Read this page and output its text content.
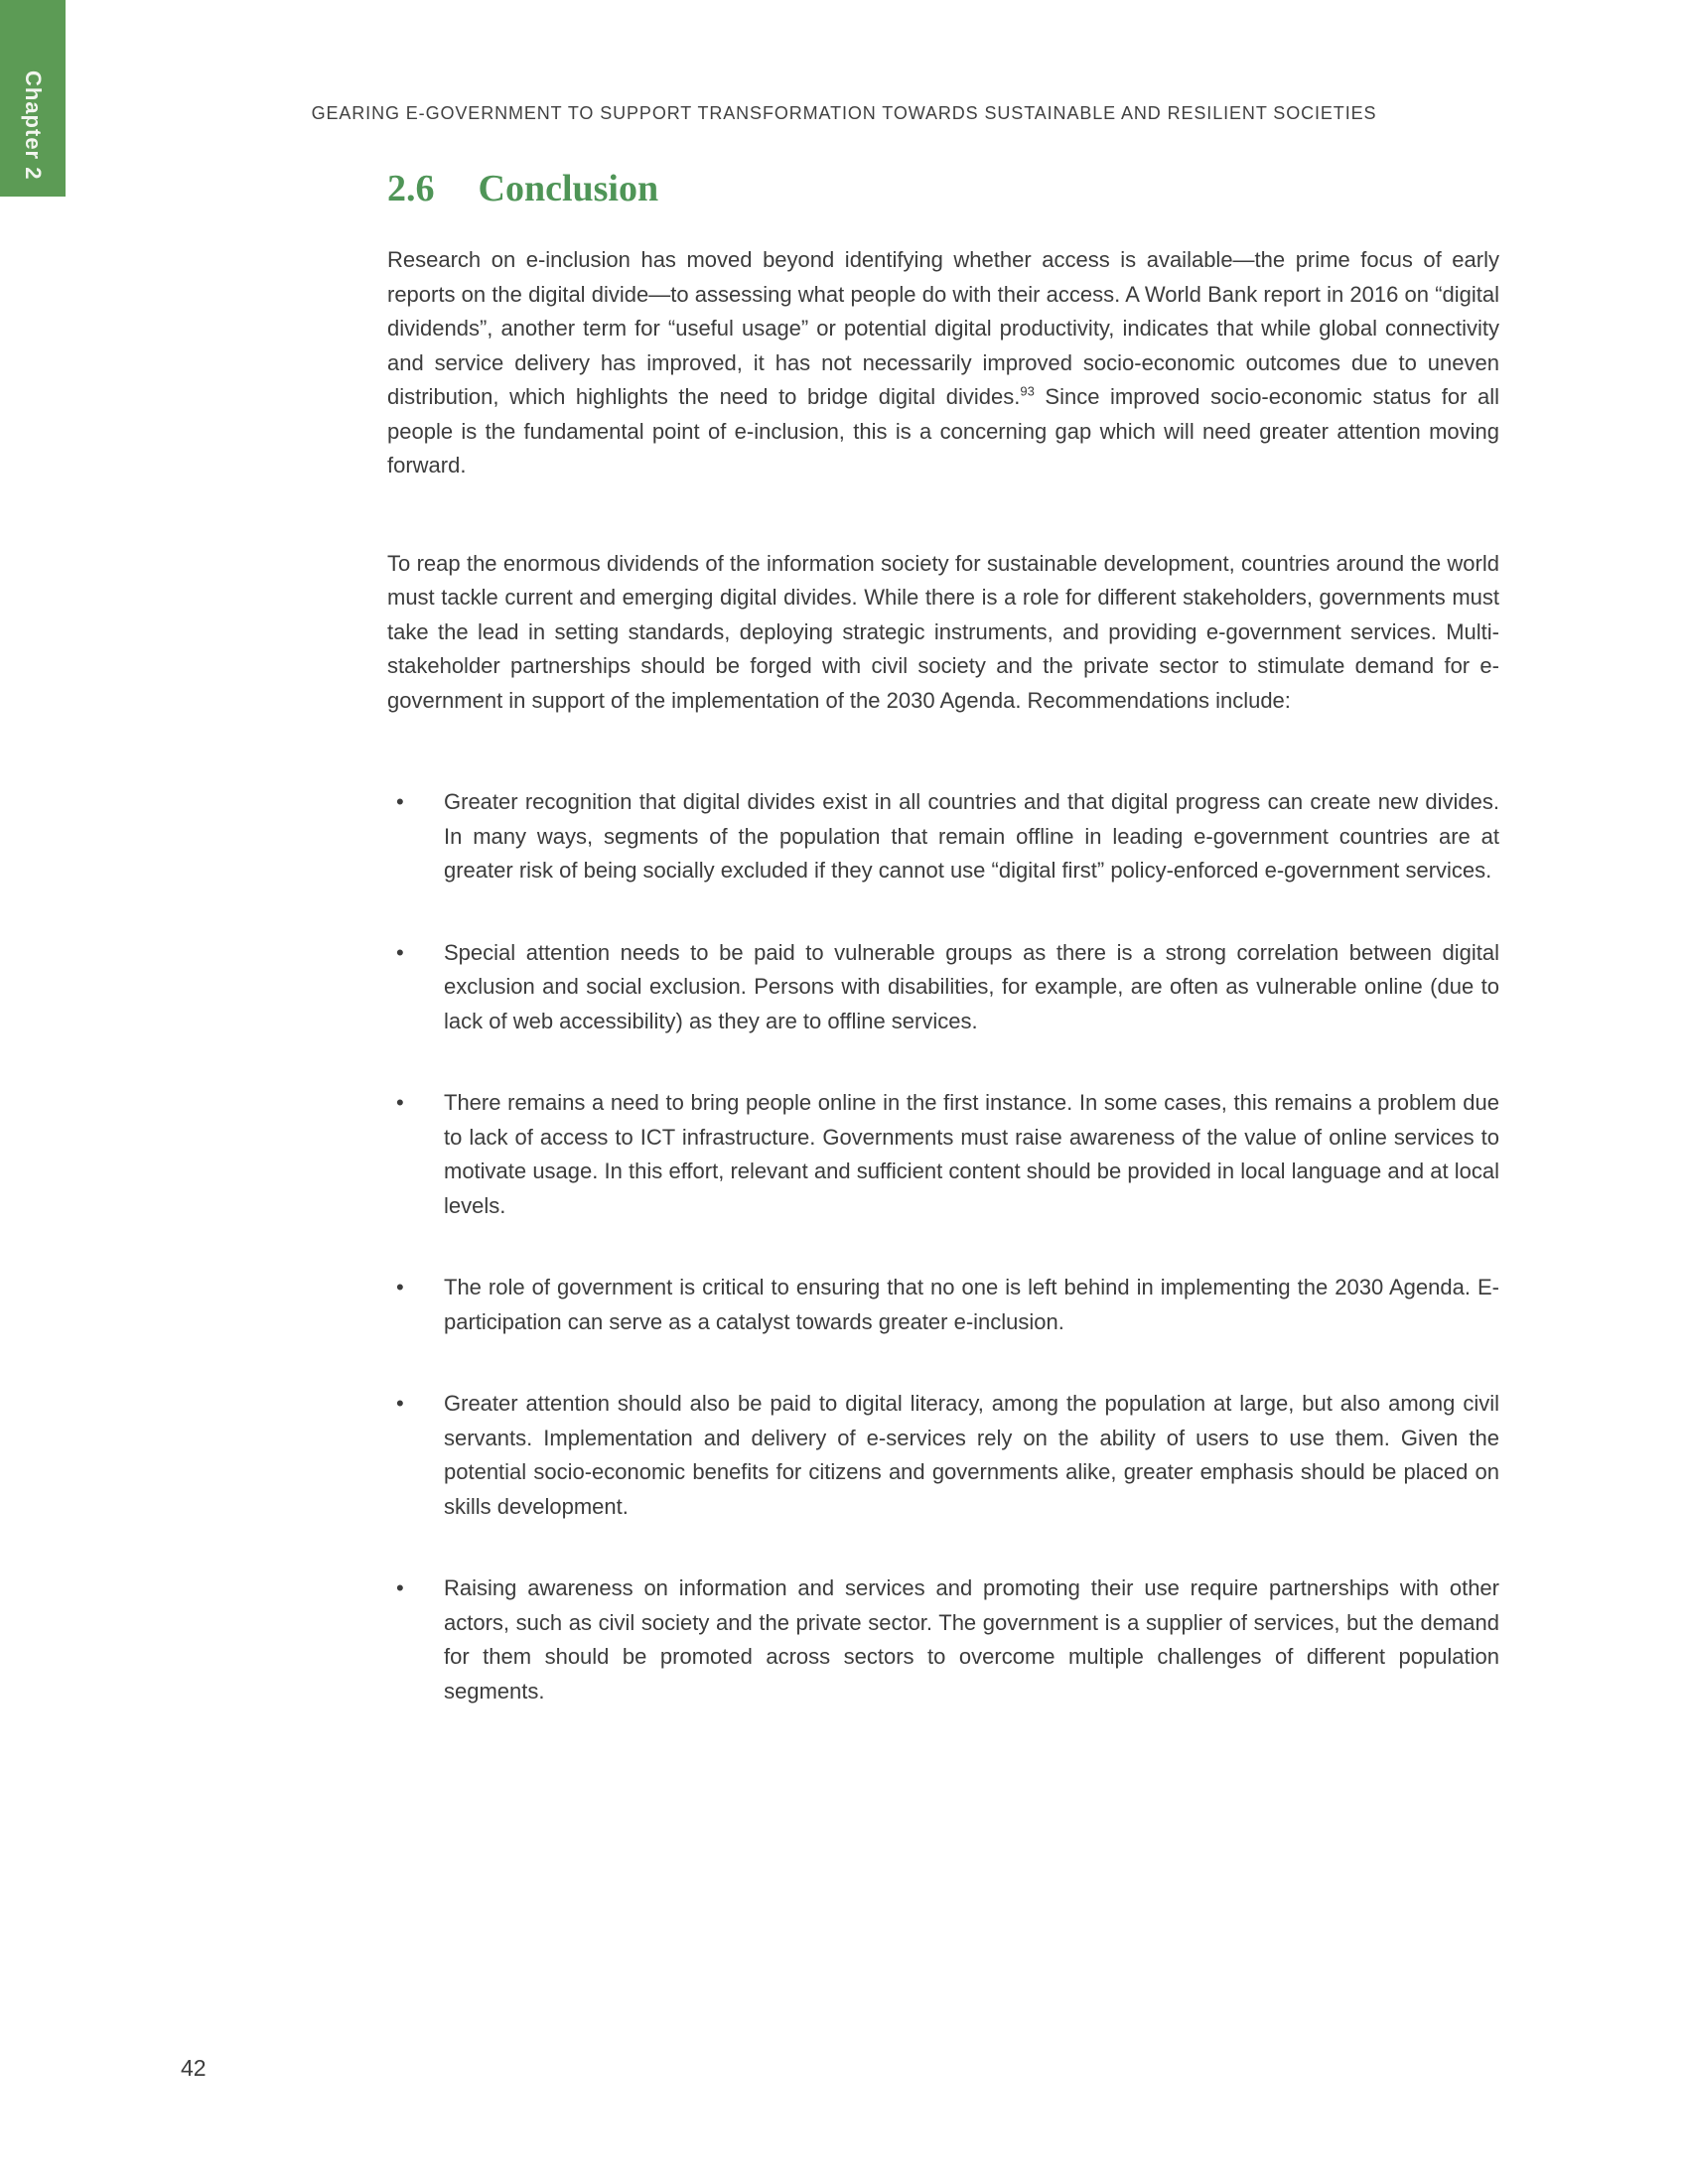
Chapter 2	GEARING E-GOVERNMENT TO SUPPORT TRANSFORMATION TOWARDS SUSTAINABLE AND RESILIENT SOCIETIES
2.6 Conclusion

Research on e-inclusion has moved beyond identifying whether access is available—the prime focus of early reports on the digital divide—to assessing what people do with their access. A World Bank report in 2016 on “digital dividends”, another term for “useful usage” or potential digital productivity, indicates that while global connectivity and service delivery has improved, it has not necessarily improved socio-economic outcomes due to uneven distribution, which highlights the need to bridge digital divides.$^{93}$ Since improved socio-economic status for all people is the fundamental point of e-inclusion, this is a concerning gap which will need greater attention moving forward.

To reap the enormous dividends of the information society for sustainable development, countries around the world must tackle current and emerging digital divides. While there is a role for different stakeholders, governments must take the lead in setting standards, deploying strategic instruments, and providing e-government services. Multi-stakeholder partnerships should be forged with civil society and the private sector to stimulate demand for e-government in support of the implementation of the 2030 Agenda. Recommendations include:

•	Greater recognition that digital divides exist in all countries and that digital progress can create new divides. In many ways, segments of the population that remain offline in leading e-government countries are at greater risk of being socially excluded if they cannot use “digital first” policy-enforced e-government services.
•	Special attention needs to be paid to vulnerable groups as there is a strong correlation between digital exclusion and social exclusion. Persons with disabilities, for example, are often as vulnerable online (due to lack of web accessibility) as they are to offline services.
•	There remains a need to bring people online in the first instance. In some cases, this remains a problem due to lack of access to ICT infrastructure. Governments must raise awareness of the value of online services to motivate usage. In this effort, relevant and sufficient content should be provided in local language and at local levels.
•	The role of government is critical to ensuring that no one is left behind in implementing the 2030 Agenda. E-participation can serve as a catalyst towards greater e-inclusion.
•	Greater attention should also be paid to digital literacy, among the population at large, but also among civil servants. Implementation and delivery of e-services rely on the ability of users to use them. Given the potential socio-economic benefits for citizens and governments alike, greater emphasis should be placed on skills development.
•	Raising awareness on information and services and promoting their use require partnerships with other actors, such as civil society and the private sector. The government is a supplier of services, but the demand for them should be promoted across sectors to overcome multiple challenges of different population segments.
42
